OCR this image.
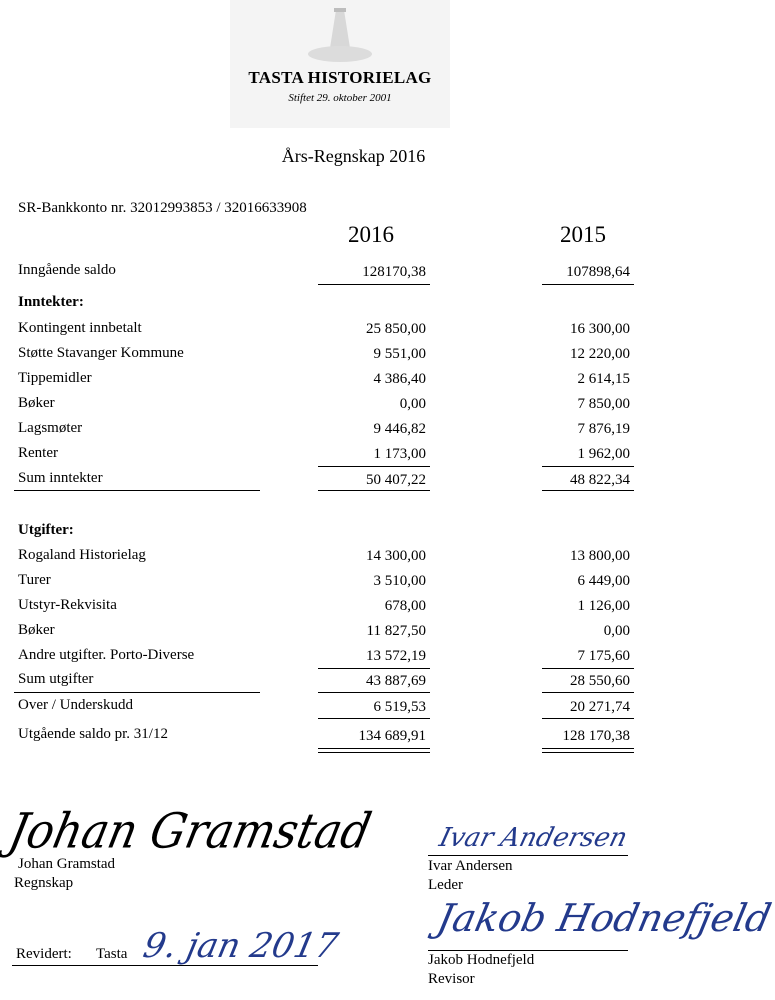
TASTA HISTORIELAG
Stiftet 29. oktober 2001
Års-Regnskap 2016
SR-Bankkonto nr. 32012993853 / 32016633908
2016	2015
Inngående saldo	128170,38	107898,64
Inntekter:
Kontingent innbetalt	25 850,00	16 300,00
Støtte Stavanger Kommune	9 551,00	12 220,00
Tippemidler	4 386,40	2 614,15
Bøker	0,00	7 850,00
Lagsmøter	9 446,82	7 876,19
Renter	1 173,00	1 962,00
Sum inntekter	50 407,22	48 822,34
Utgifter:
Rogaland Historielag	14 300,00	13 800,00
Turer	3 510,00	6 449,00
Utstyr-Rekvisita	678,00	1 126,00
Bøker	11 827,50	0,00
Andre utgifter. Porto-Diverse	13 572,19	7 175,60
Sum utgifter	43 887,69	28 550,60
Over / Underskudd	6 519,53	20 271,74
Utgående saldo pr. 31/12	134 689,91	128 170,38
Johan Gramstad
Johan Gramstad
Regnskap
Ivar Andersen
Ivar Andersen
Leder
Revidert: Tasta 9. jan 2017
Jakob Hodnefjeld
Jakob Hodnefjeld
Revisor
